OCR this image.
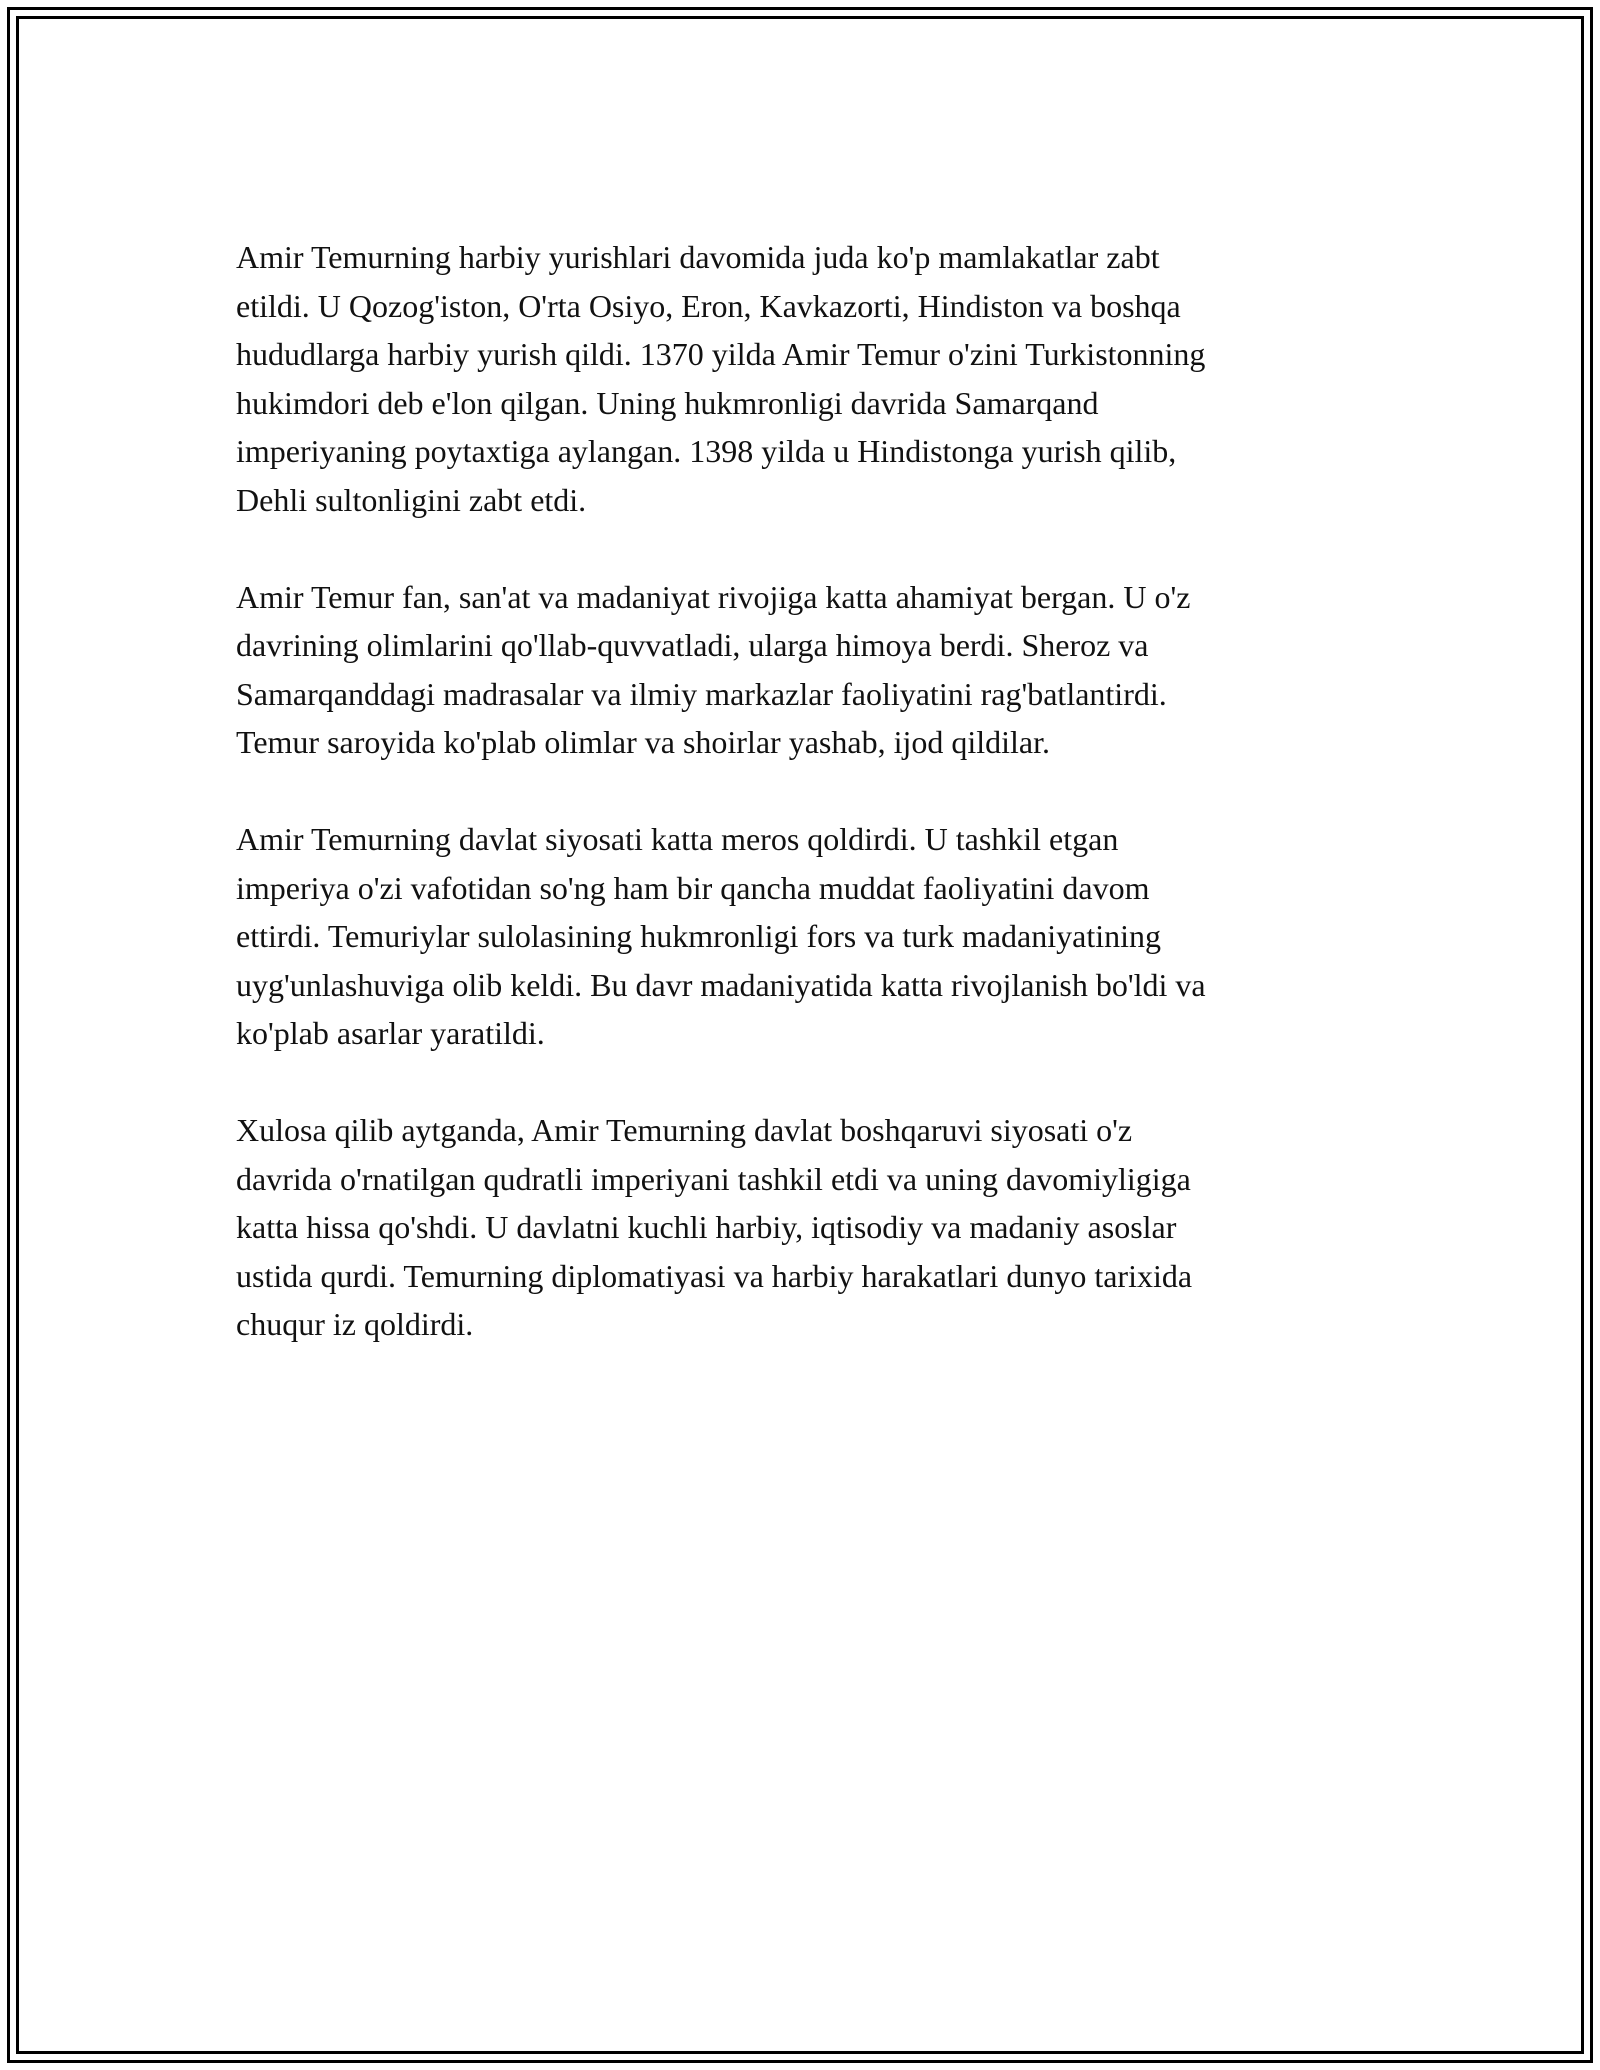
Amir Temurning harbiy yurishlari davomida juda ko'p mamlakatlar zabt
etildi. U Qozog'iston, O'rta Osiyo, Eron, Kavkazorti, Hindiston va boshqa
hududlarga harbiy yurish qildi. 1370 yilda Amir Temur o'zini Turkistonning
hukimdori deb e'lon qilgan. Uning hukmronligi davrida Samarqand
imperiyaning poytaxtiga aylangan. 1398 yilda u Hindistonga yurish qilib,
Dehli sultonligini zabt etdi.

Amir Temur fan, san'at va madaniyat rivojiga katta ahamiyat bergan. U o'z
davrining olimlarini qo'llab-quvvatladi, ularga himoya berdi. Sheroz va
Samarqanddagi madrasalar va ilmiy markazlar faoliyatini rag'batlantirdi.
Temur saroyida ko'plab olimlar va shoirlar yashab, ijod qildilar.

Amir Temurning davlat siyosati katta meros qoldirdi. U tashkil etgan
imperiya o'zi vafotidan so'ng ham bir qancha muddat faoliyatini davom
ettirdi. Temuriylar sulolasining hukmronligi fors va turk madaniyatining
uyg'unlashuviga olib keldi. Bu davr madaniyatida katta rivojlanish bo'ldi va
ko'plab asarlar yaratildi.

Xulosa qilib aytganda, Amir Temurning davlat boshqaruvi siyosati o'z
davrida o'rnatilgan qudratli imperiyani tashkil etdi va uning davomiyligiga
katta hissa qo'shdi. U davlatni kuchli harbiy, iqtisodiy va madaniy asoslar
ustida qurdi. Temurning diplomatiyasi va harbiy harakatlari dunyo tarixida
chuqur iz qoldirdi.
